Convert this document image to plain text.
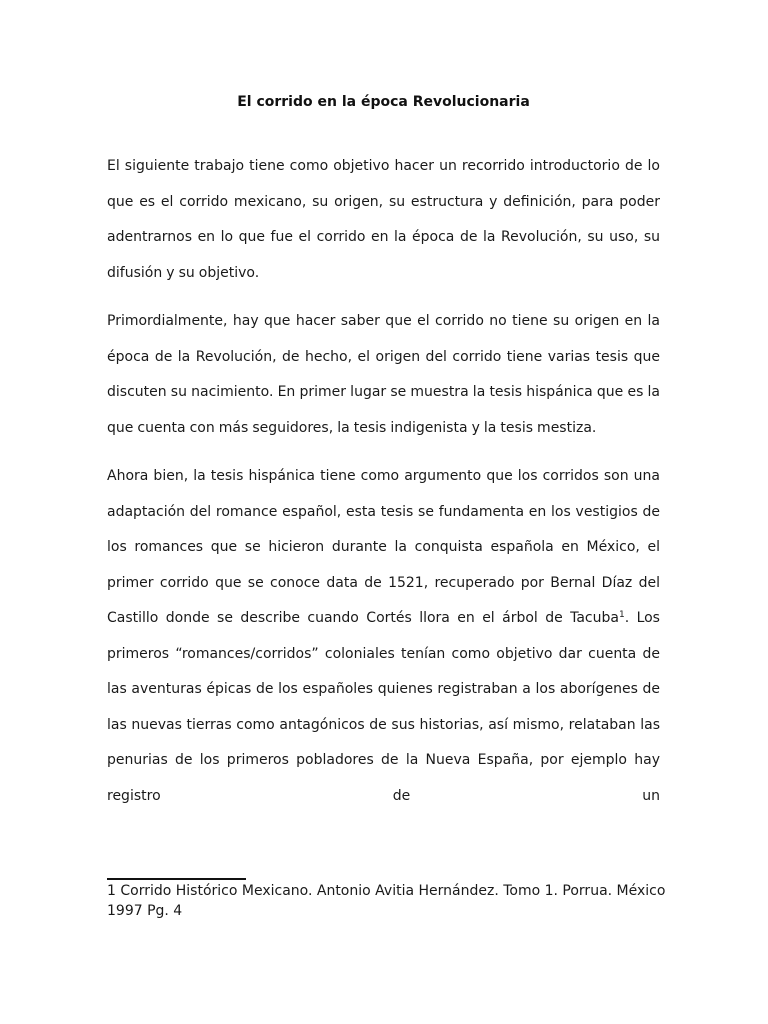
El corrido en la época Revolucionaria

El siguiente trabajo tiene como objetivo hacer un recorrido introductorio de lo que es el corrido mexicano, su origen, su estructura y definición, para poder adentrarnos en lo que fue el corrido en la época de la Revolución, su uso, su difusión y su objetivo.

Primordialmente, hay que hacer saber que el corrido no tiene su origen en la época de la Revolución, de hecho, el origen del corrido tiene varias tesis que discuten su nacimiento. En primer lugar se muestra la tesis hispánica que es la que cuenta con más seguidores, la tesis indigenista y la tesis mestiza.

Ahora bien, la tesis hispánica tiene como argumento que los corridos son una adaptación del romance español, esta tesis se fundamenta en los vestigios de los romances que se hicieron durante la conquista española en México, el primer corrido que se conoce data de 1521, recuperado por Bernal Díaz del Castillo donde se describe cuando Cortés llora en el árbol de Tacuba$^1$. Los primeros “romances/corridos” coloniales tenían como objetivo dar cuenta de las aventuras épicas de los españoles quienes registraban a los aborígenes de las nuevas tierras como antagónicos de sus historias, así mismo, relataban las penurias de los primeros pobladores de la Nueva España, por ejemplo hay registro de un

1 Corrido Histórico Mexicano. Antonio Avitia Hernández. Tomo 1. Porrua. México 1997 Pg. 4
